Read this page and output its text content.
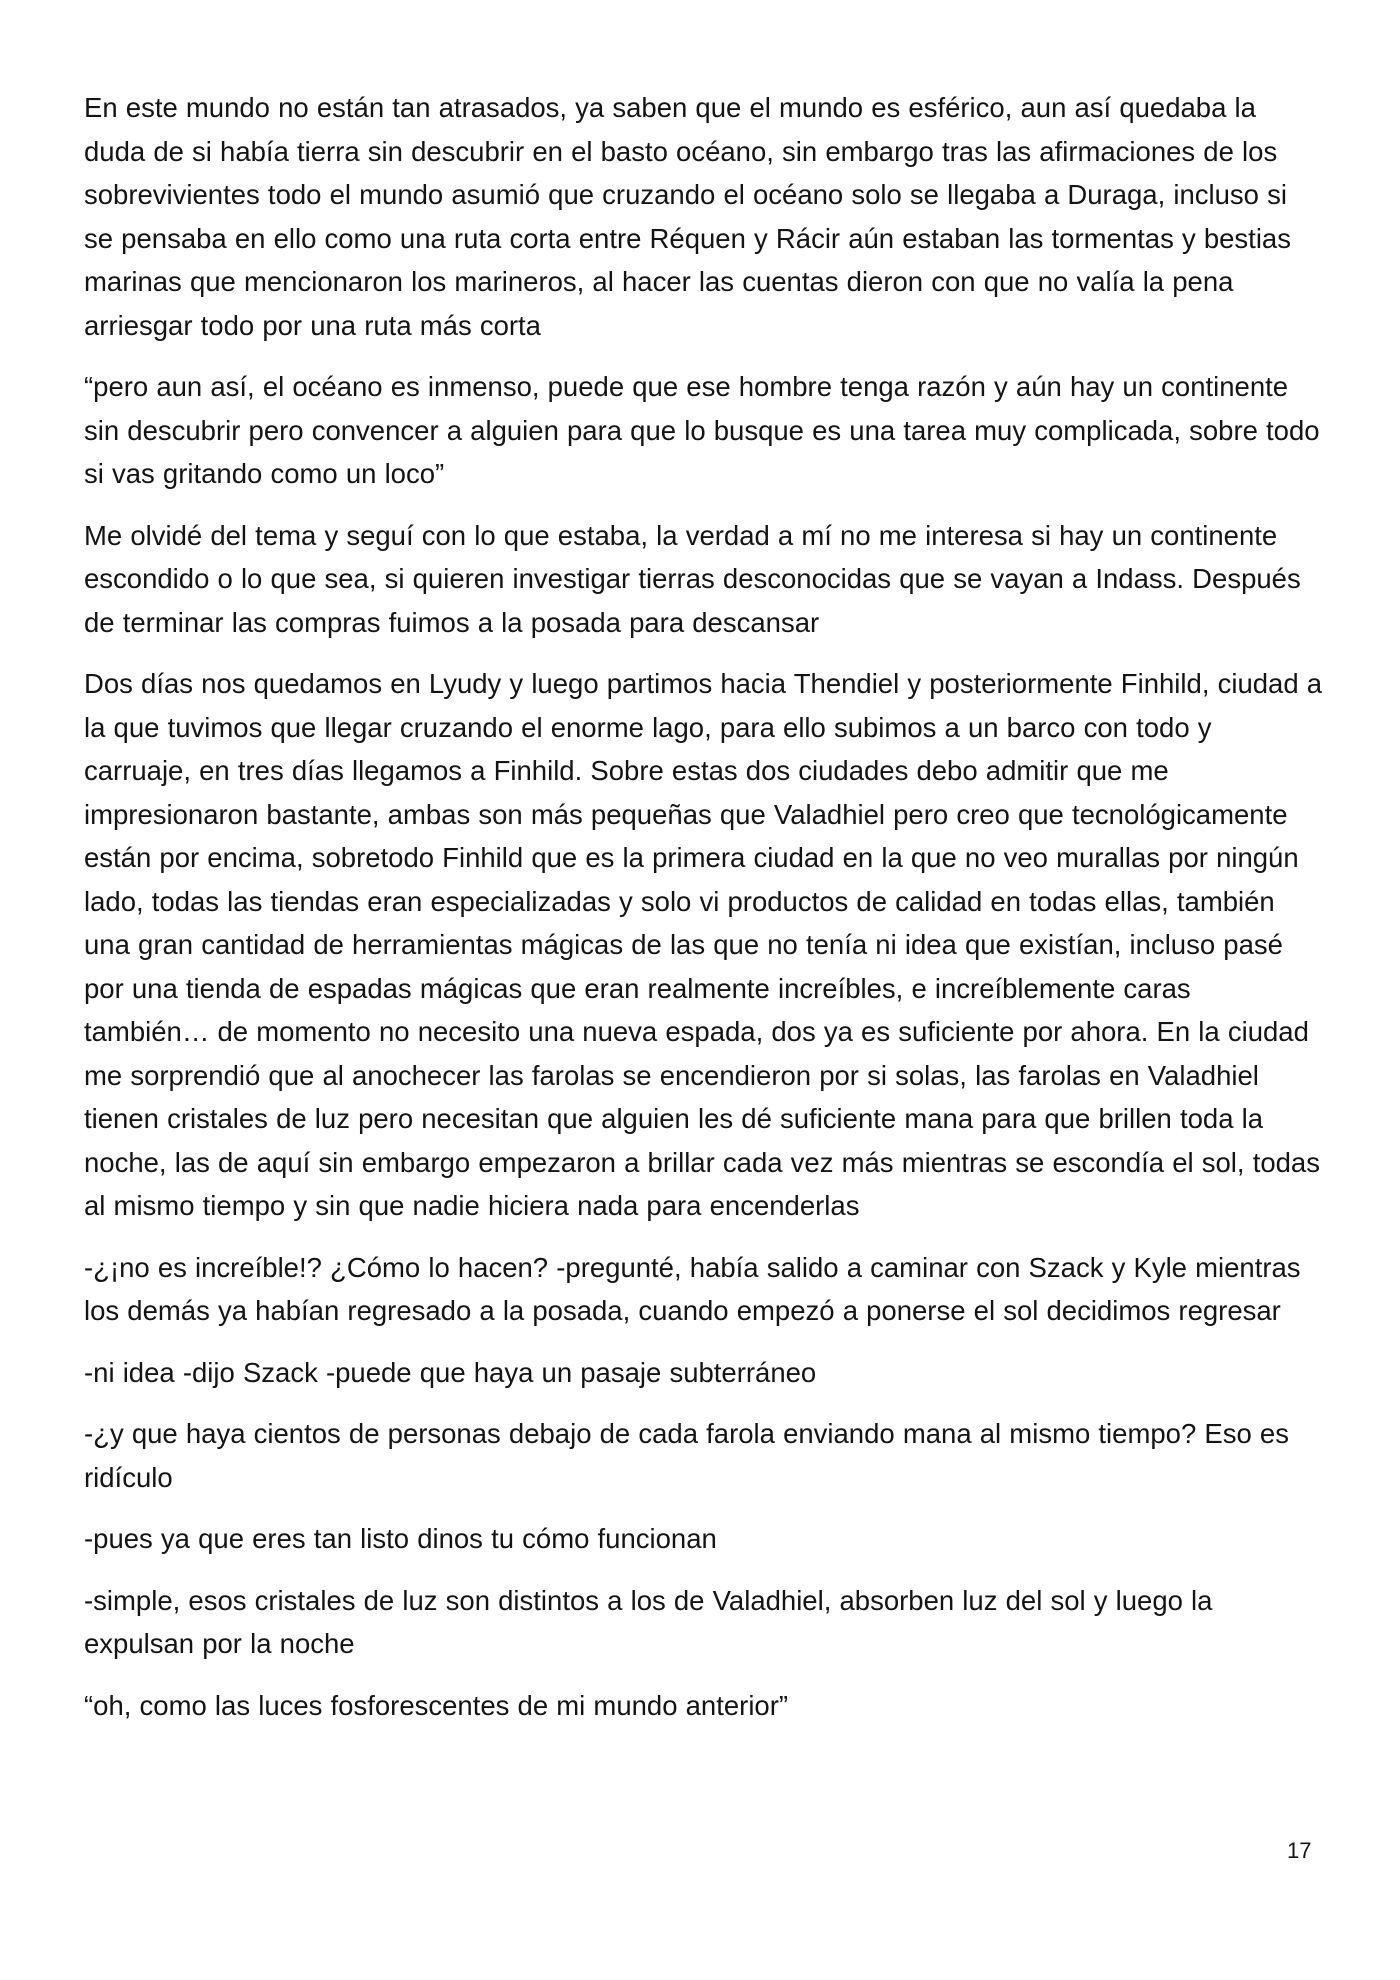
En este mundo no están tan atrasados, ya saben que el mundo es esférico, aun así quedaba la duda de si había tierra sin descubrir en el basto océano, sin embargo tras las afirmaciones de los sobrevivientes todo el mundo asumió que cruzando el océano solo se llegaba a Duraga, incluso si se pensaba en ello como una ruta corta entre Réquen y Rácir aún estaban las tormentas y bestias marinas que mencionaron los marineros, al hacer las cuentas dieron con que no valía la pena arriesgar todo por una ruta más corta

“pero aun así, el océano es inmenso, puede que ese hombre tenga razón y aún hay un continente sin descubrir pero convencer a alguien para que lo busque es una tarea muy complicada, sobre todo si vas gritando como un loco”

Me olvidé del tema y seguí con lo que estaba, la verdad a mí no me interesa si hay un continente escondido o lo que sea, si quieren investigar tierras desconocidas que se vayan a Indass. Después de terminar las compras fuimos a la posada para descansar

Dos días nos quedamos en Lyudy y luego partimos hacia Thendiel y posteriormente Finhild, ciudad a la que tuvimos que llegar cruzando el enorme lago, para ello subimos a un barco con todo y carruaje, en tres días llegamos a Finhild. Sobre estas dos ciudades debo admitir que me impresionaron bastante, ambas son más pequeñas que Valadhiel pero creo que tecnológicamente están por encima, sobretodo Finhild que es la primera ciudad en la que no veo murallas por ningún lado, todas las tiendas eran especializadas y solo vi productos de calidad en todas ellas, también una gran cantidad de herramientas mágicas de las que no tenía ni idea que existían, incluso pasé por una tienda de espadas mágicas que eran realmente increíbles, e increíblemente caras también… de momento no necesito una nueva espada, dos ya es suficiente por ahora. En la ciudad me sorprendió que al anochecer las farolas se encendieron por si solas, las farolas en Valadhiel tienen cristales de luz pero necesitan que alguien les dé suficiente mana para que brillen toda la noche, las de aquí sin embargo empezaron a brillar cada vez más mientras se escondía el sol, todas al mismo tiempo y sin que nadie hiciera nada para encenderlas

-¿¡no es increíble!? ¿Cómo lo hacen? -pregunté, había salido a caminar con Szack y Kyle mientras los demás ya habían regresado a la posada, cuando empezó a ponerse el sol decidimos regresar

-ni idea -dijo Szack -puede que haya un pasaje subterráneo

-¿y que haya cientos de personas debajo de cada farola enviando mana al mismo tiempo? Eso es ridículo

-pues ya que eres tan listo dinos tu cómo funcionan

-simple, esos cristales de luz son distintos a los de Valadhiel, absorben luz del sol y luego la expulsan por la noche

“oh, como las luces fosforescentes de mi mundo anterior”

17
